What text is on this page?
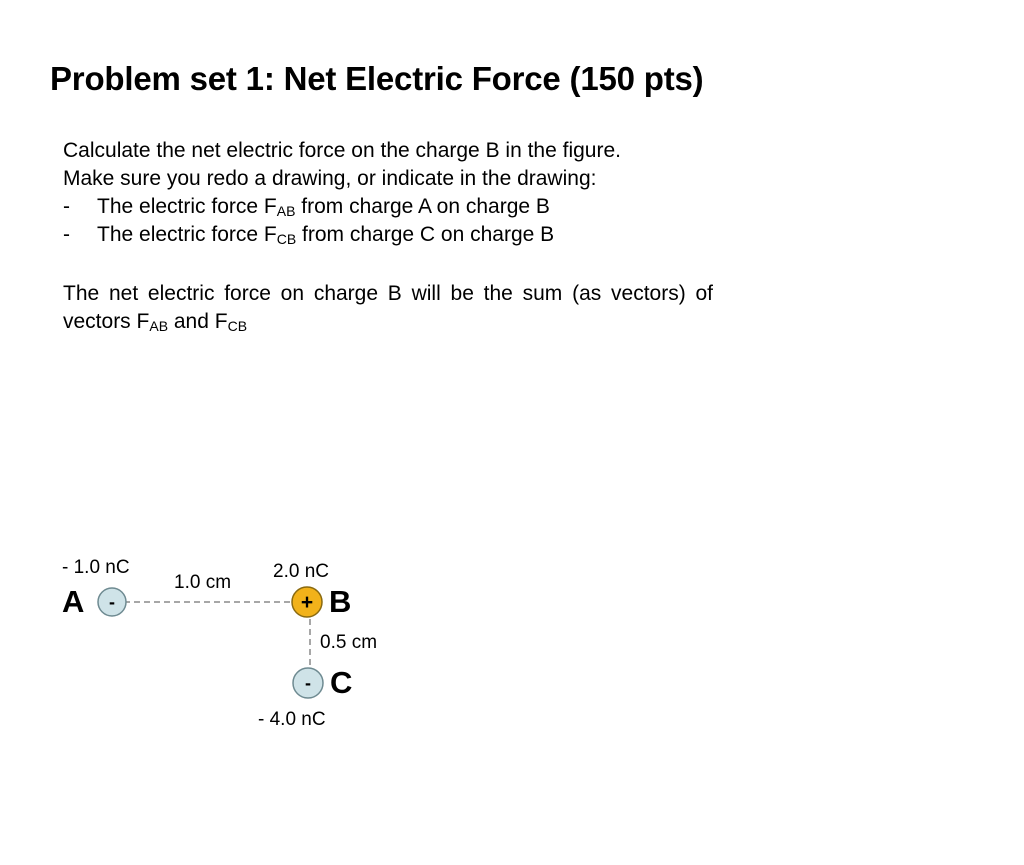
Problem set 1: Net Electric Force (150 pts)
Calculate the net electric force on the charge B in the figure.
Make sure you redo a drawing, or indicate in the drawing:
- The electric force $F_{AB}$ from charge A on charge B
- The electric force $F_{CB}$ from charge C on charge B

The net electric force on charge B will be the sum (as vectors) of vectors $F_{AB}$ and $F_{CB}$

- 1.0 nC
A -
1.0 cm
2.0 nC
+ B
0.5 cm
- C
- 4.0 nC
